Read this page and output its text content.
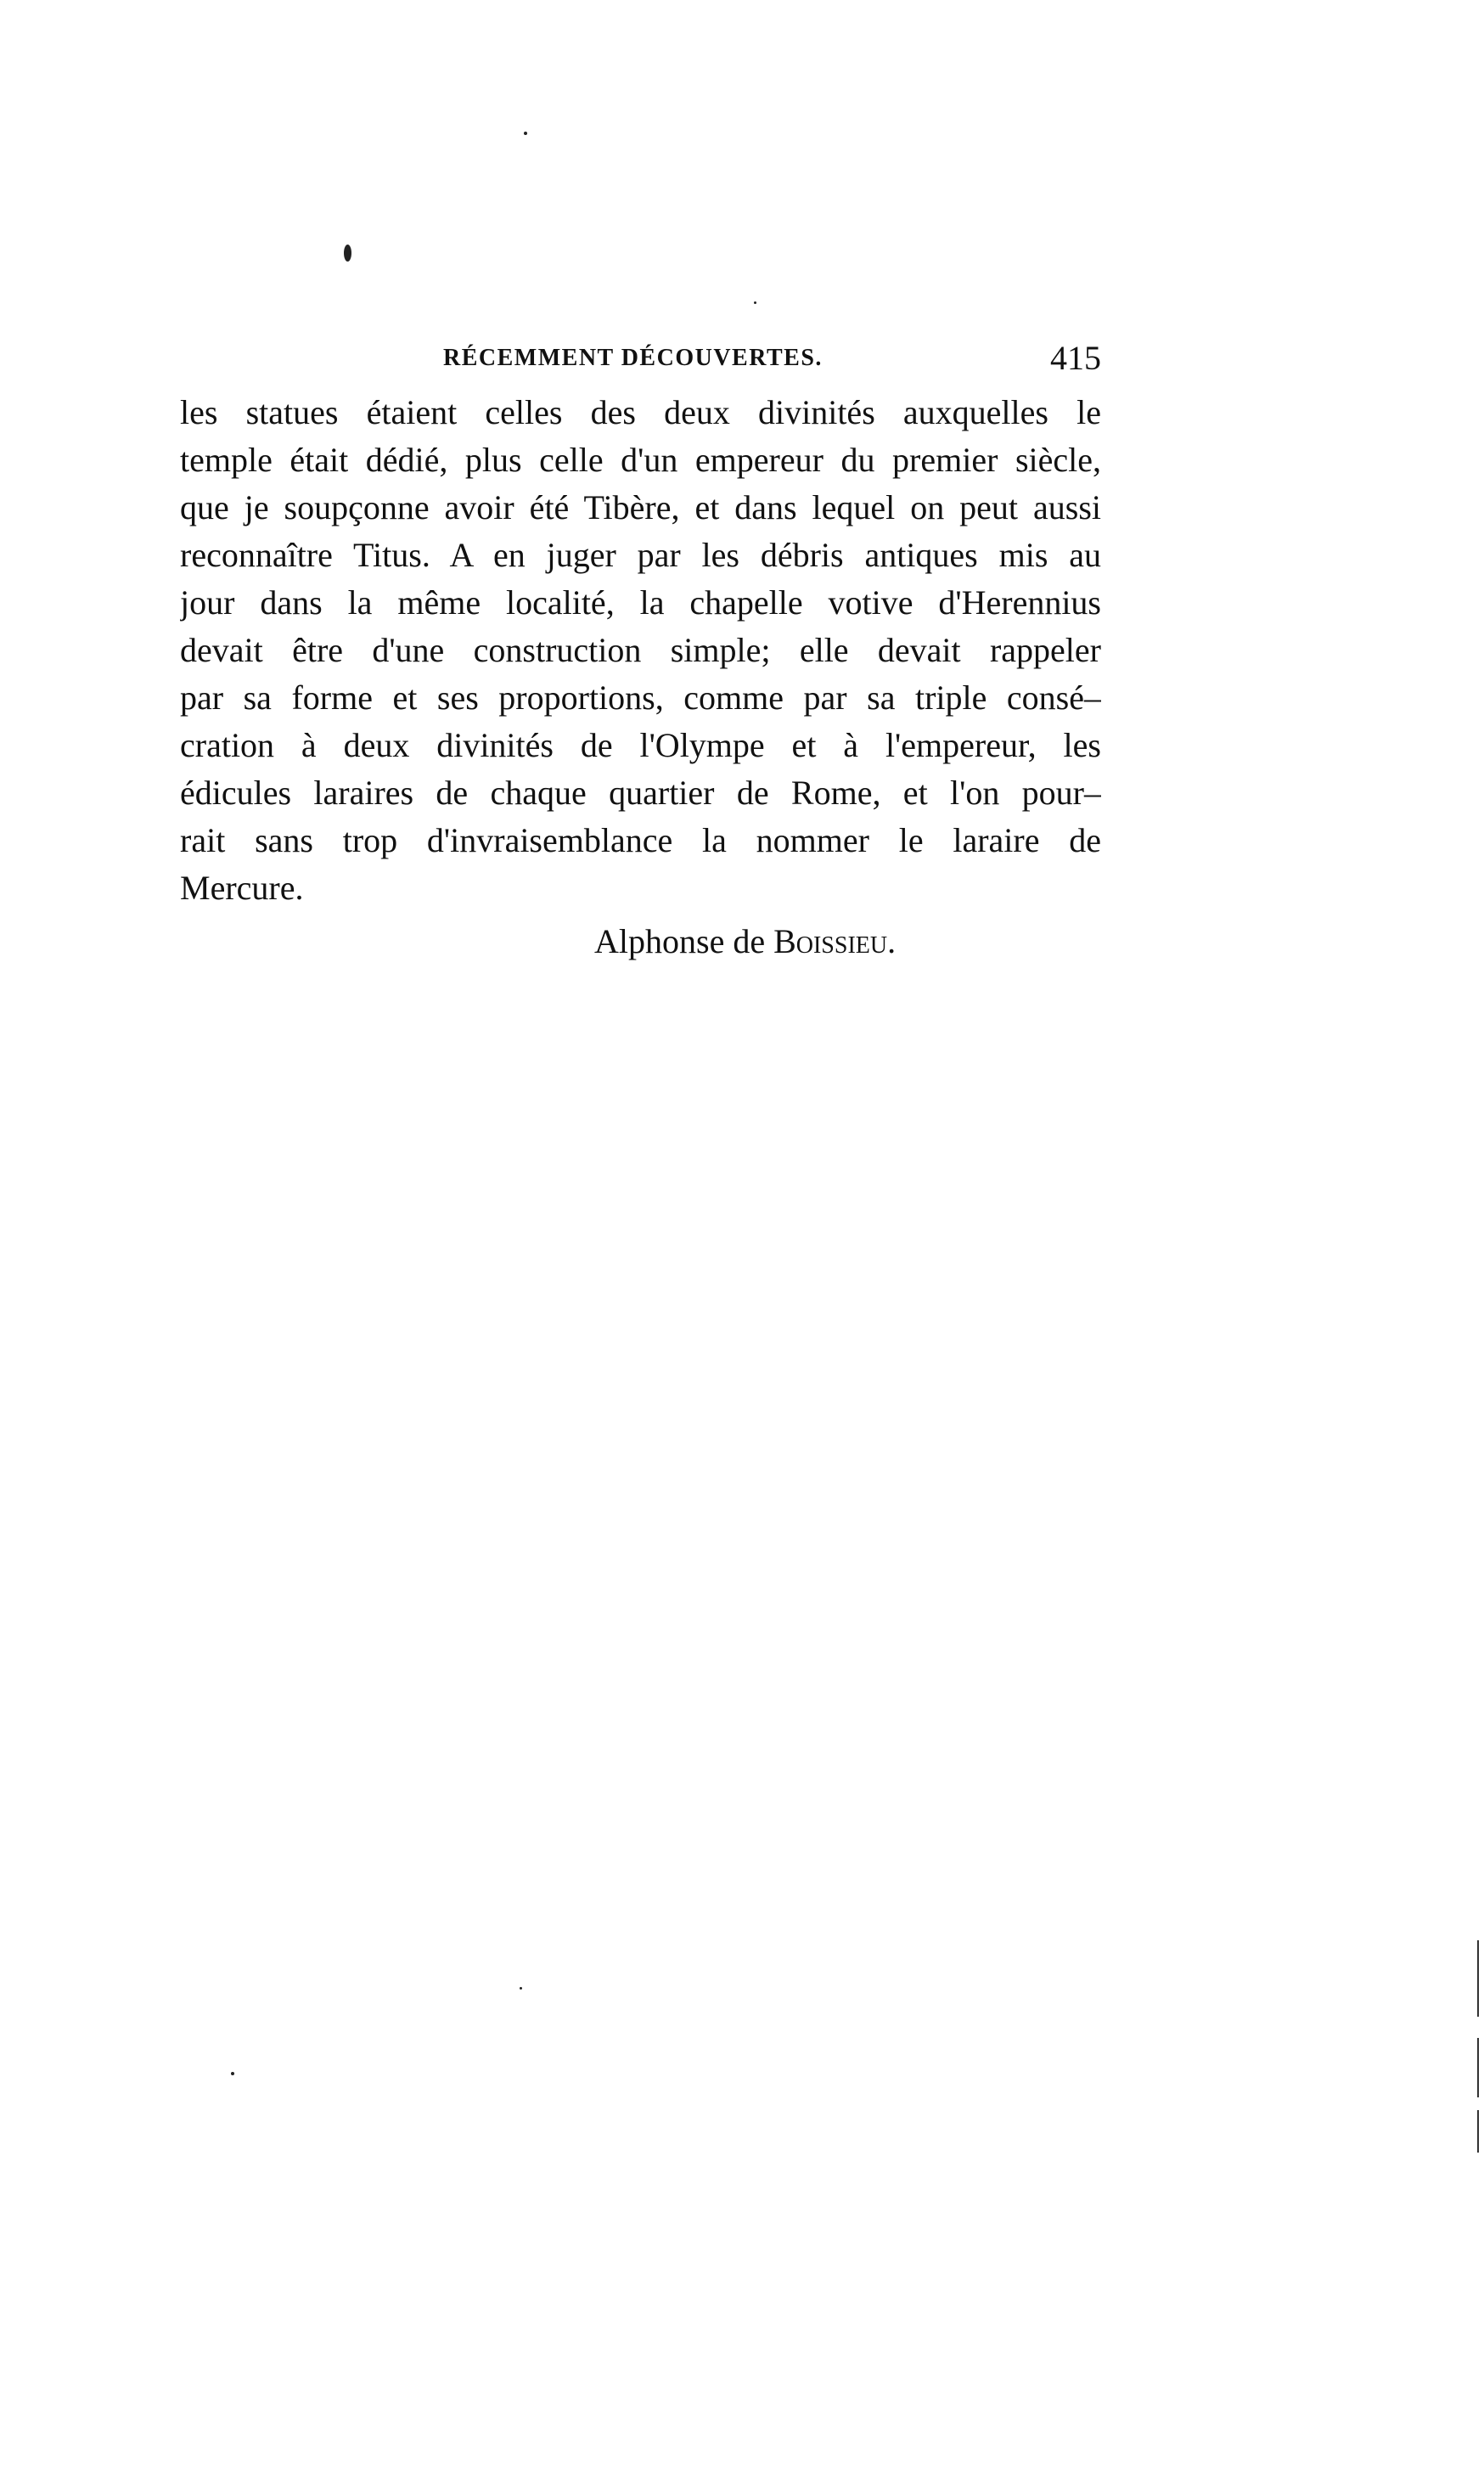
RÉCEMMENT DÉCOUVERTES.	415
les statues étaient celles des deux divinités auxquelles le
temple était dédié, plus celle d'un empereur du premier siècle,
que je soupçonne avoir été Tibère, et dans lequel on peut aussi
reconnaître Titus. A en juger par les débris antiques mis au
jour dans la même localité, la chapelle votive d'Herennius
devait être d'une construction simple; elle devait rappeler
par sa forme et ses proportions, comme par sa triple consé–
cration à deux divinités de l'Olympe et à l'empereur, les
édicules laraires de chaque quartier de Rome, et l'on pour–
rait sans trop d'invraisemblance la nommer le laraire de
Mercure.
Alphonse de Boissieu.
